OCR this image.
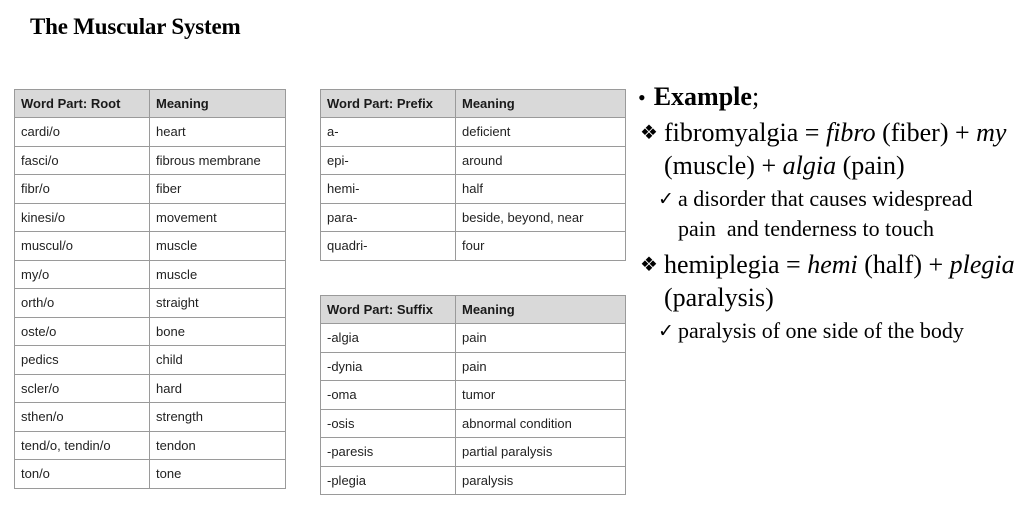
The Muscular System
Word Part: Root	Meaning
cardi/o	heart
fasci/o	fibrous membrane
fibr/o	fiber
kinesi/o	movement
muscul/o	muscle
my/o	muscle
orth/o	straight
oste/o	bone
pedics	child
scler/o	hard
sthen/o	strength
tend/o, tendin/o	tendon
ton/o	tone
Word Part: Prefix	Meaning
a-	deficient
epi-	around
hemi-	half
para-	beside, beyond, near
quadri-	four
Word Part: Suffix	Meaning
-algia	pain
-dynia	pain
-oma	tumor
-osis	abnormal condition
-paresis	partial paralysis
-plegia	paralysis
• Example;
❖ fibromyalgia = fibro (fiber) + my (muscle) + algia (pain)
✓ a disorder that causes widespread  pain  and tenderness to touch
❖ hemiplegia = hemi (half) + plegia (paralysis)
✓ paralysis of one side of the body
